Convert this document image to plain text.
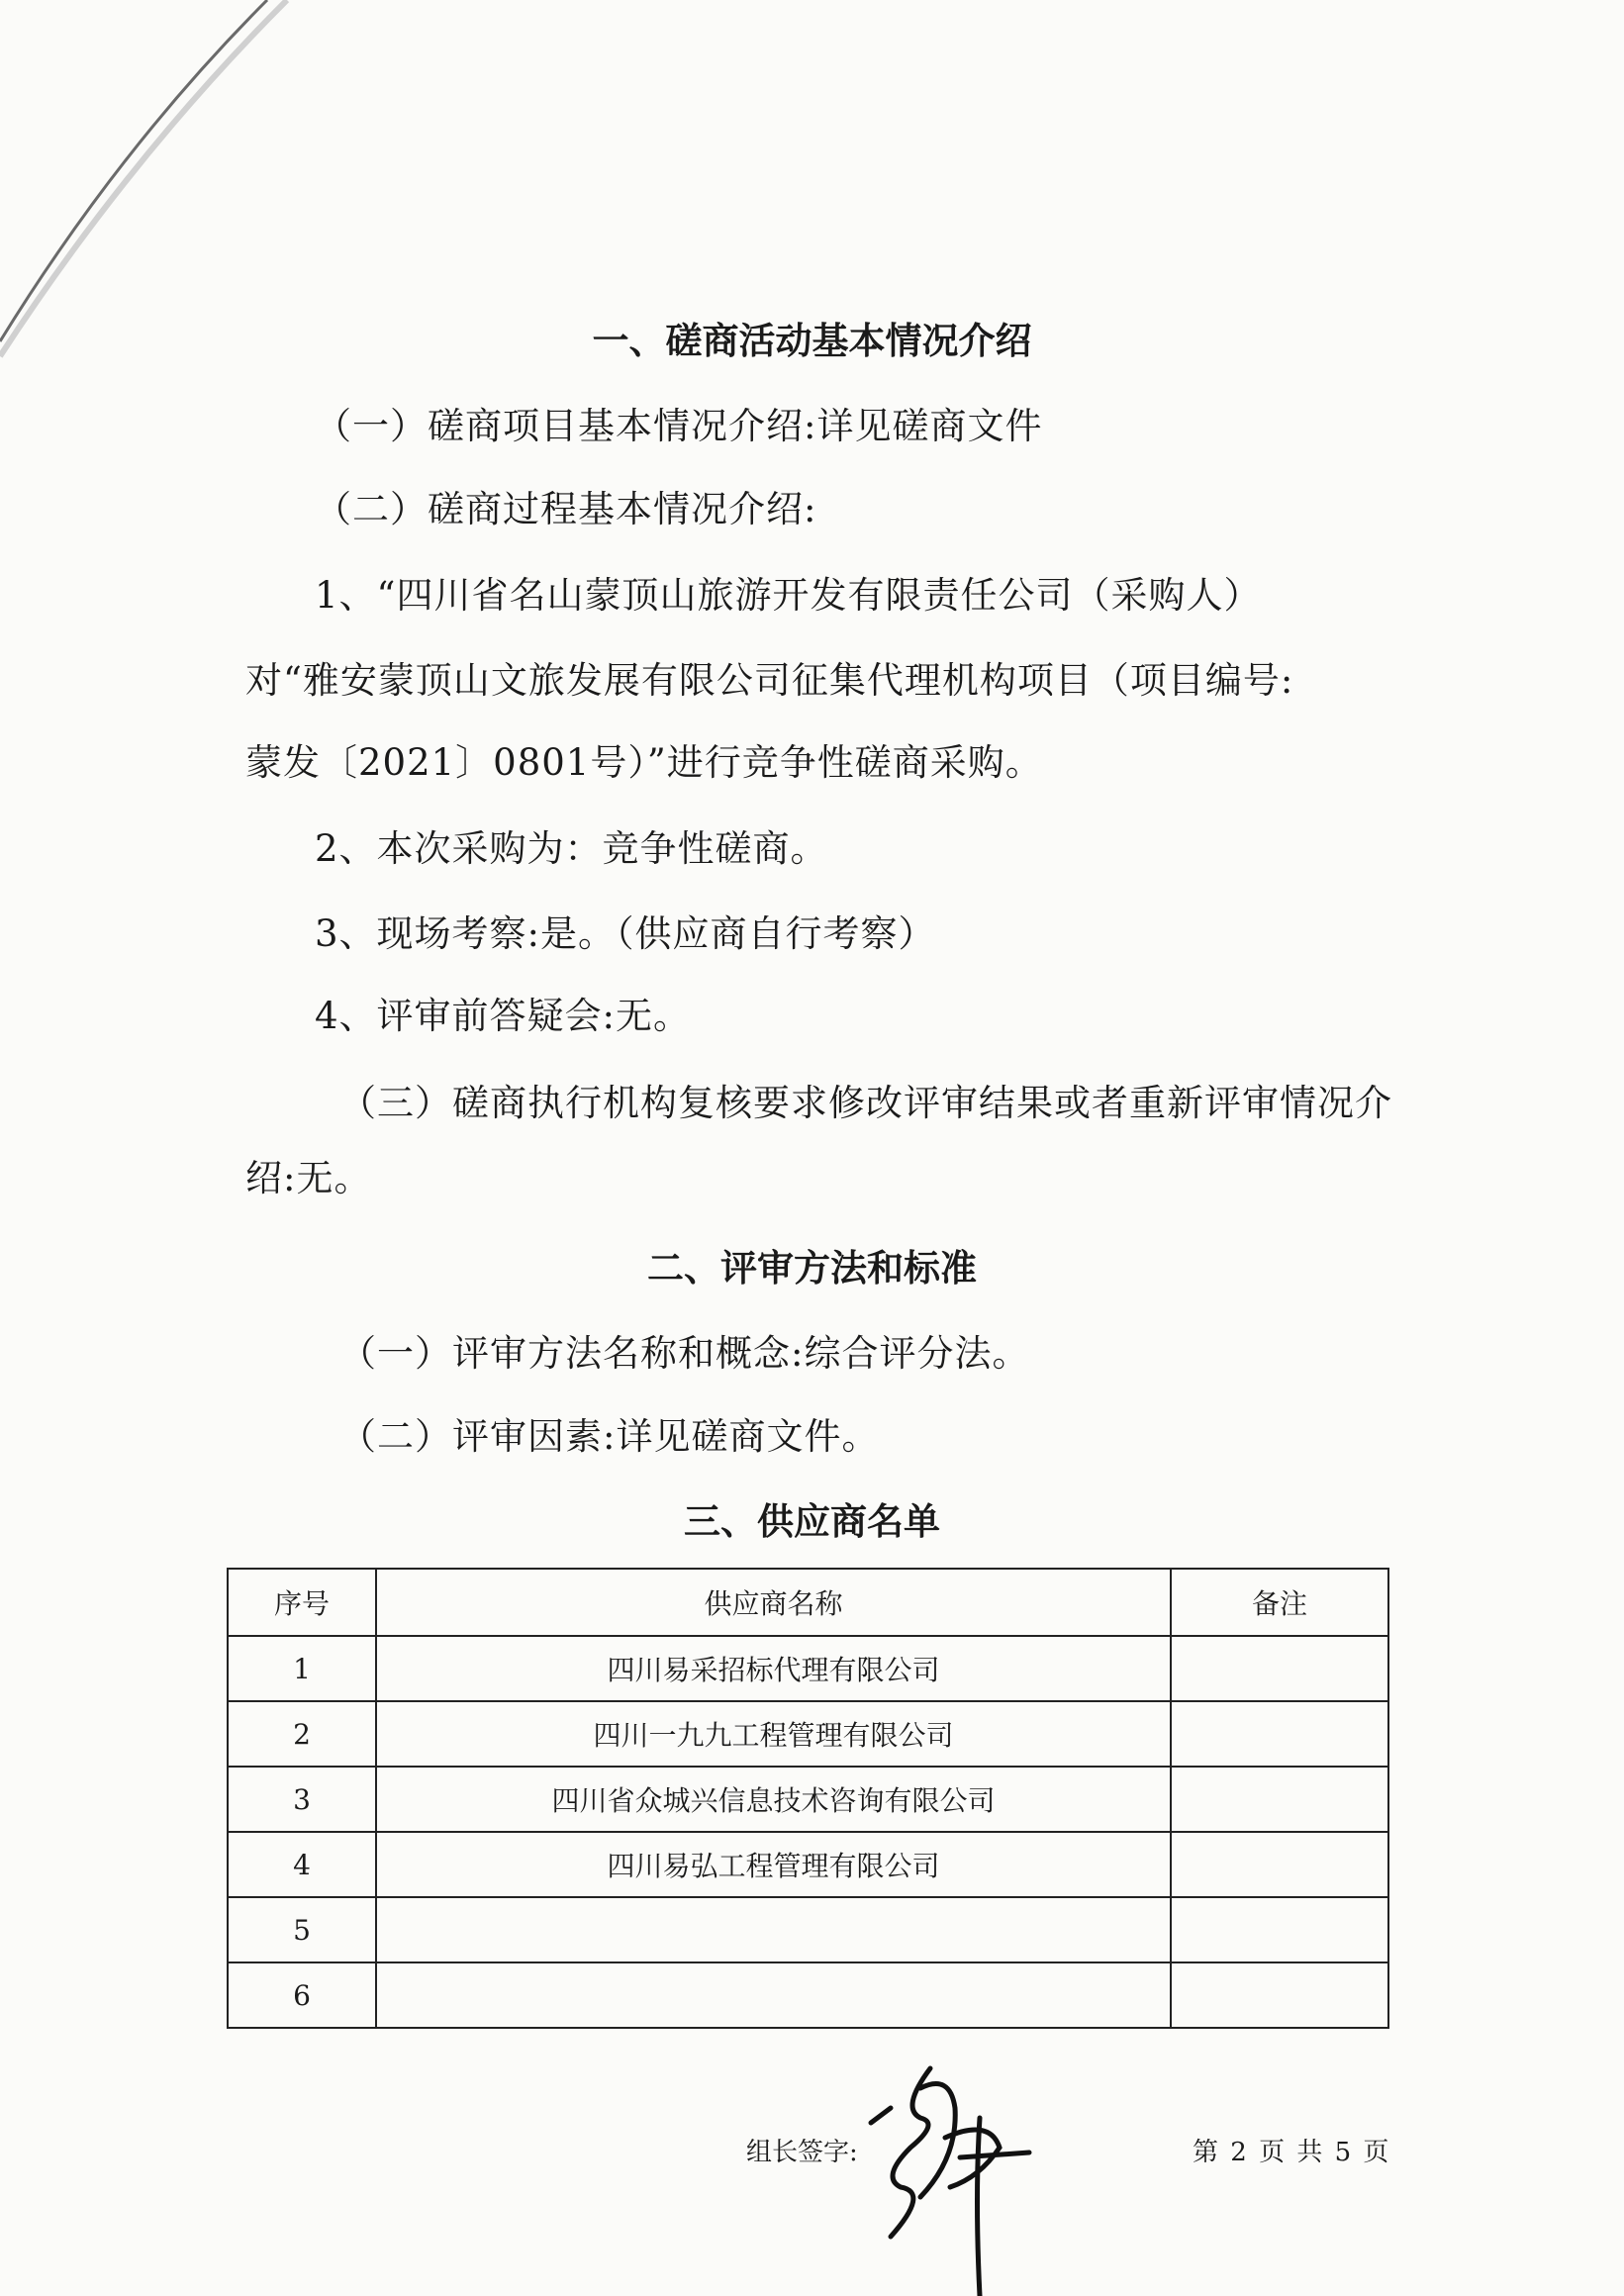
一、磋商活动基本情况介绍
（一）磋商项目基本情况介绍:详见磋商文件
（二）磋商过程基本情况介绍:
1、“四川省名山蒙顶山旅游开发有限责任公司（采购人）
对“雅安蒙顶山文旅发展有限公司征集代理机构项目（项目编号:
蒙发〔2021〕0801号）”进行竞争性磋商采购。
2、本次采购为：竞争性磋商。
3、现场考察:是。（供应商自行考察）
4、评审前答疑会:无。
（三）磋商执行机构复核要求修改评审结果或者重新评审情况介
绍:无。
二、评审方法和标准
（一）评审方法名称和概念:综合评分法。
（二）评审因素:详见磋商文件。
三、供应商名单
序号	供应商名称	备注
1	四川易采招标代理有限公司	
2	四川一九九工程管理有限公司	
3	四川省众城兴信息技术咨询有限公司	
4	四川易弘工程管理有限公司	
5		
6		
组长签字:	第 2 页 共 5 页
